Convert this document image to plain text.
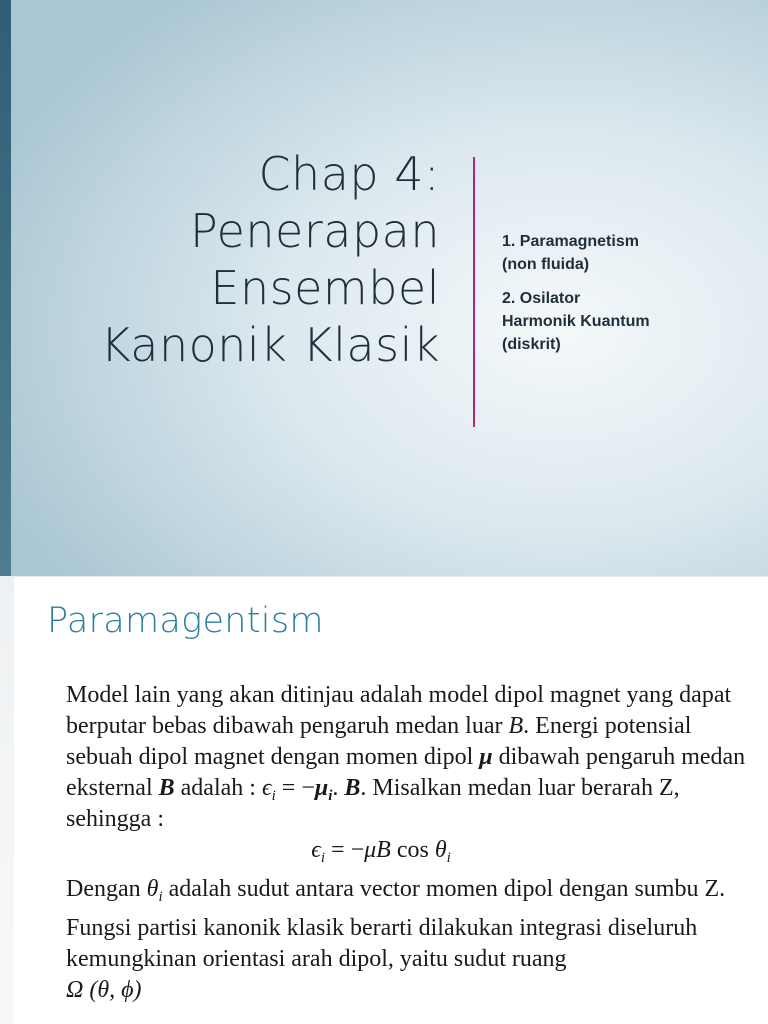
Chap 4:
Penerapan
Ensembel
Kanonik Klasik
1
1. Paramagnetism
(non fluida)
2. Osilator
Harmonik Kuantum
(diskrit)
Paramagentism

Model lain yang akan ditinjau adalah model dipol magnet yang dapat berputar bebas dibawah pengaruh medan luar B. Energi potensial sebuah dipol magnet dengan momen dipol μ dibawah pengaruh medan eksternal B adalah : $\epsilon_i = -\mu_i$. B. Misalkan medan luar berarah Z, sehingga :

$\epsilon_i = -\mu B$ $\cos \theta_i$

Dengan $\theta_i$ adalah sudut antara vector momen dipol dengan sumbu Z.

Fungsi partisi kanonik klasik berarti dilakukan integrasi diseluruh kemungkinan orientasi arah dipol, yaitu sudut ruang
Ω (θ, ϕ)
